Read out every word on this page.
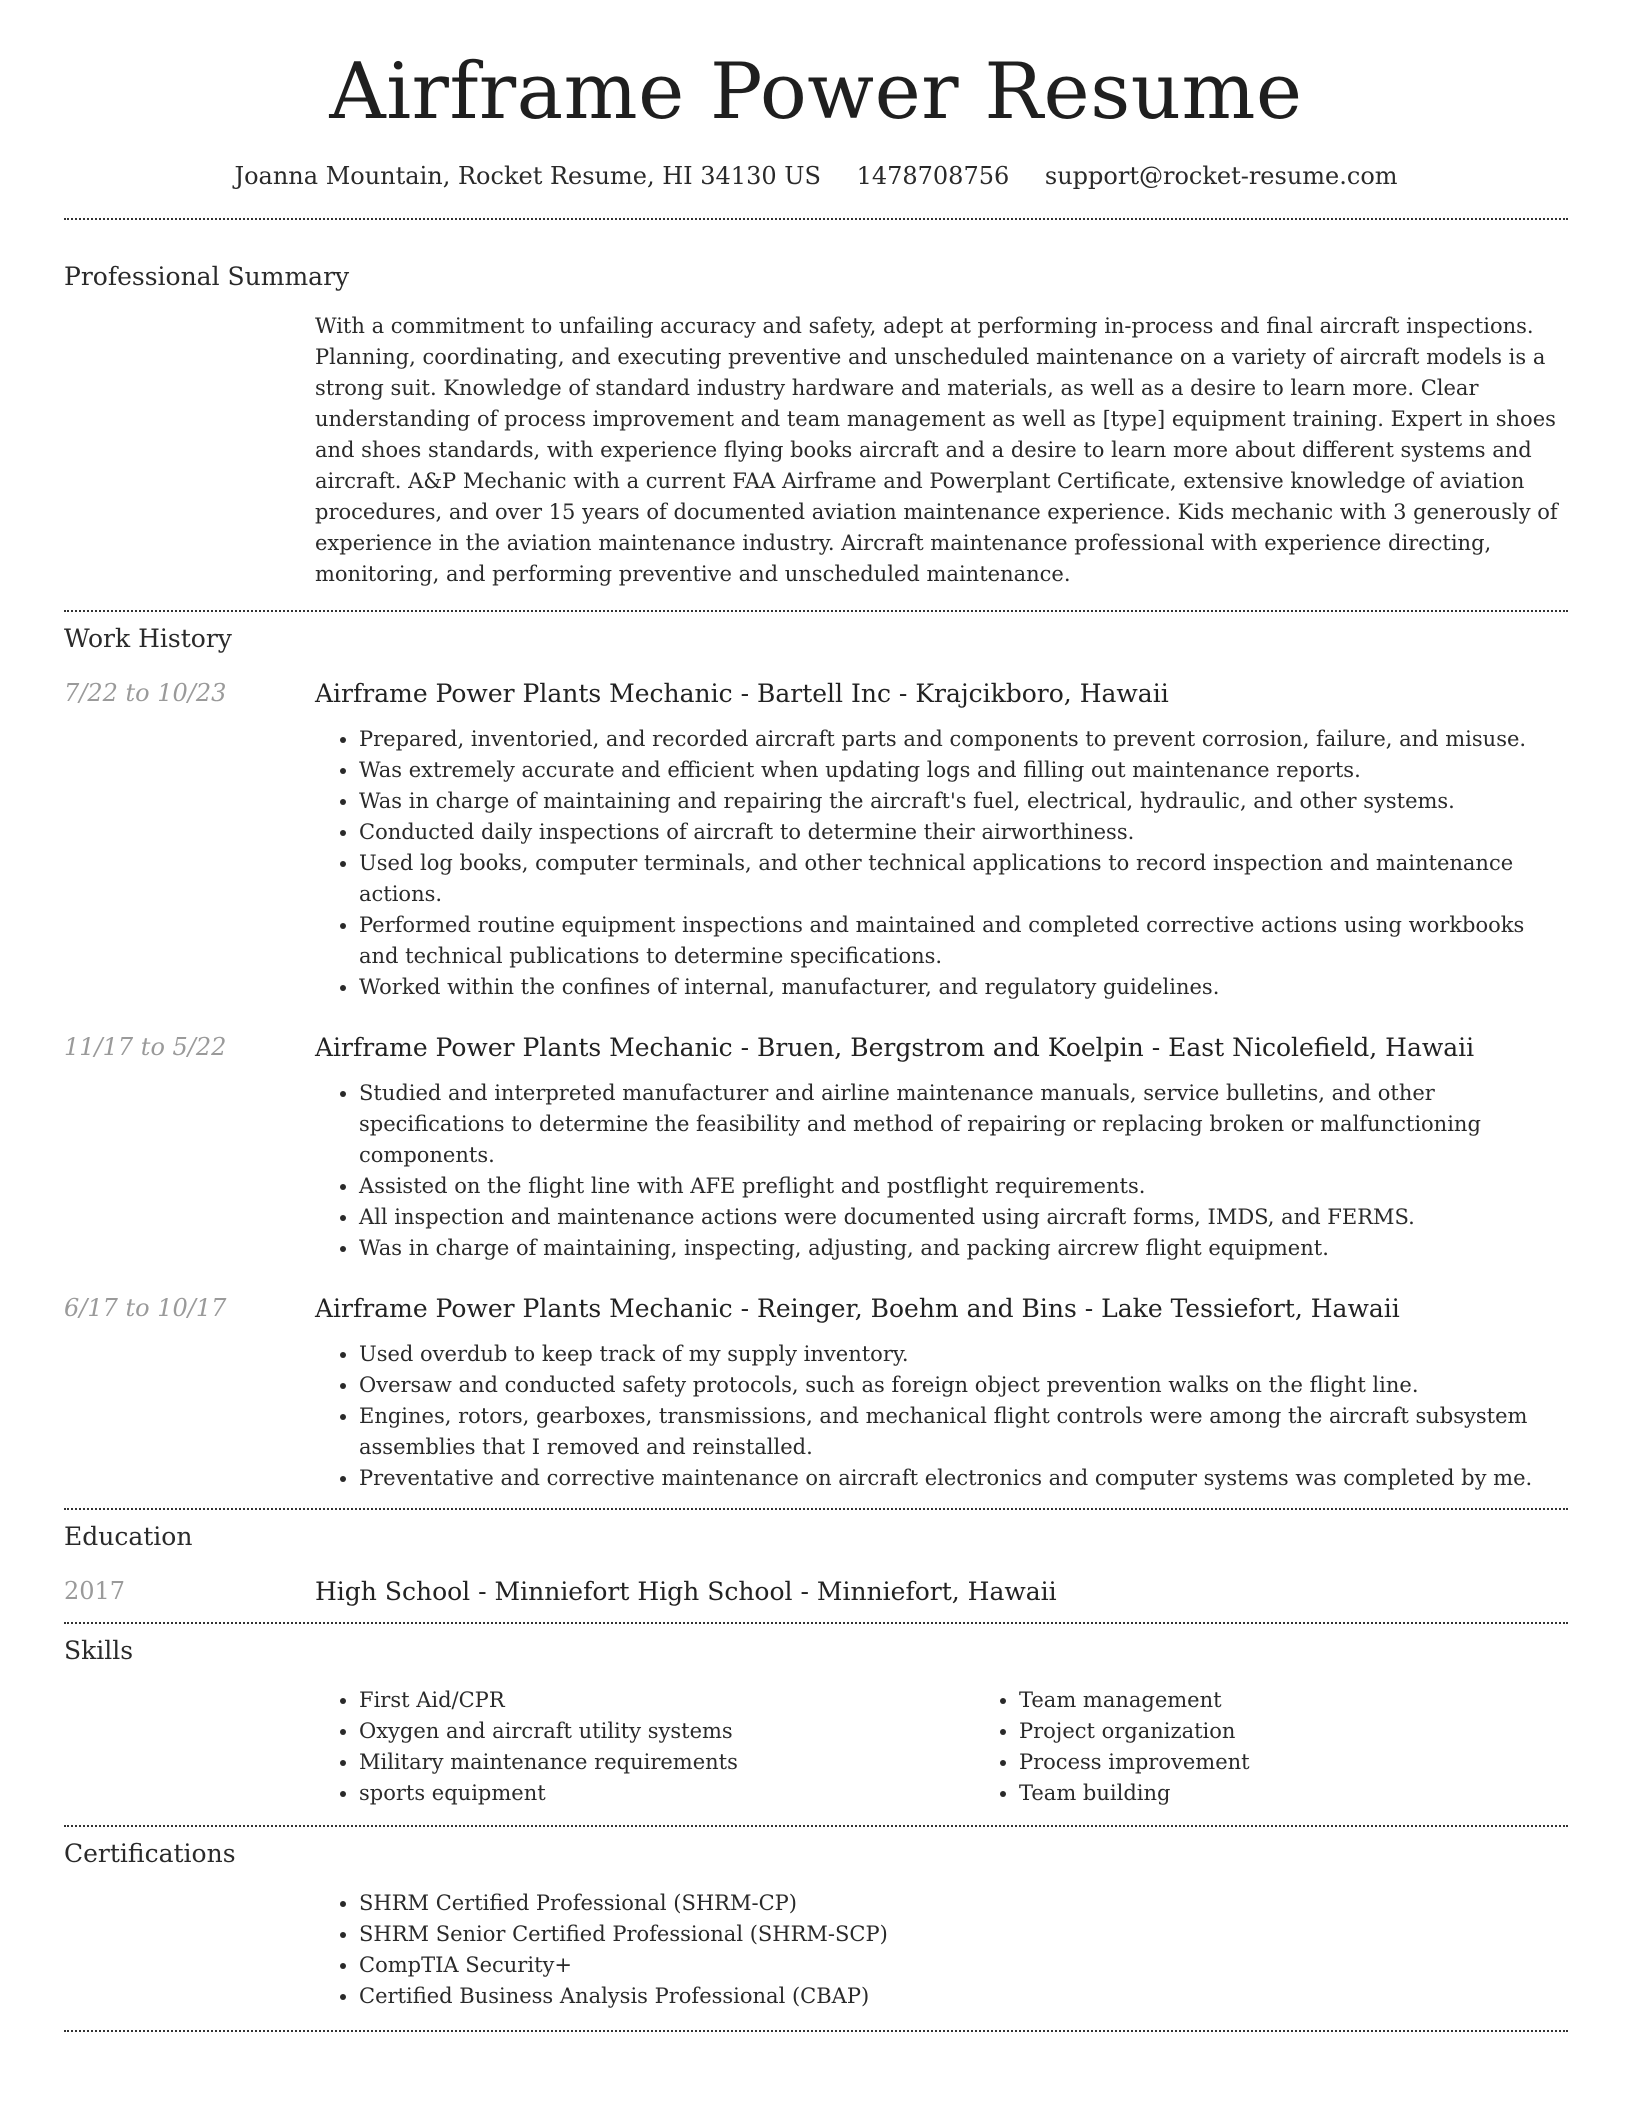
Airframe Power Resume
Joanna Mountain, Rocket Resume, HI 34130 US 1478708756 support@rocket-resume.com
Professional Summary

With a commitment to unfailing accuracy and safety, adept at performing in-process and final aircraft inspections. Planning, coordinating, and executing preventive and unscheduled maintenance on a variety of aircraft models is a strong suit. Knowledge of standard industry hardware and materials, as well as a desire to learn more. Clear understanding of process improvement and team management as well as [type] equipment training. Expert in shoes and shoes standards, with experience flying books aircraft and a desire to learn more about different systems and aircraft. A&P Mechanic with a current FAA Airframe and Powerplant Certificate, extensive knowledge of aviation procedures, and over 15 years of documented aviation maintenance experience. Kids mechanic with 3 generously of experience in the aviation maintenance industry. Aircraft maintenance professional with experience directing, monitoring, and performing preventive and unscheduled maintenance.

Work History
7/22 to 10/23	Airframe Power Plants Mechanic - Bartell Inc - Krajcikboro, Hawaii
• Prepared, inventoried, and recorded aircraft parts and components to prevent corrosion, failure, and misuse.
• Was extremely accurate and efficient when updating logs and filling out maintenance reports.
• Was in charge of maintaining and repairing the aircraft's fuel, electrical, hydraulic, and other systems.
• Conducted daily inspections of aircraft to determine their airworthiness.
• Used log books, computer terminals, and other technical applications to record inspection and maintenance actions.
• Performed routine equipment inspections and maintained and completed corrective actions using workbooks and technical publications to determine specifications.
• Worked within the confines of internal, manufacturer, and regulatory guidelines.
11/17 to 5/22	Airframe Power Plants Mechanic - Bruen, Bergstrom and Koelpin - East Nicolefield, Hawaii
• Studied and interpreted manufacturer and airline maintenance manuals, service bulletins, and other specifications to determine the feasibility and method of repairing or replacing broken or malfunctioning components.
• Assisted on the flight line with AFE preflight and postflight requirements.
• All inspection and maintenance actions were documented using aircraft forms, IMDS, and FERMS.
• Was in charge of maintaining, inspecting, adjusting, and packing aircrew flight equipment.
6/17 to 10/17	Airframe Power Plants Mechanic - Reinger, Boehm and Bins - Lake Tessiefort, Hawaii
• Used overdub to keep track of my supply inventory.
• Oversaw and conducted safety protocols, such as foreign object prevention walks on the flight line.
• Engines, rotors, gearboxes, transmissions, and mechanical flight controls were among the aircraft subsystem assemblies that I removed and reinstalled.
• Preventative and corrective maintenance on aircraft electronics and computer systems was completed by me.
Education
2017	High School - Minniefort High School - Minniefort, Hawaii
Skills
• First Aid/CPR
• Oxygen and aircraft utility systems
• Military maintenance requirements
• sports equipment
• Team management
• Project organization
• Process improvement
• Team building
Certifications
• SHRM Certified Professional (SHRM-CP)
• SHRM Senior Certified Professional (SHRM-SCP)
• CompTIA Security+
• Certified Business Analysis Professional (CBAP)
